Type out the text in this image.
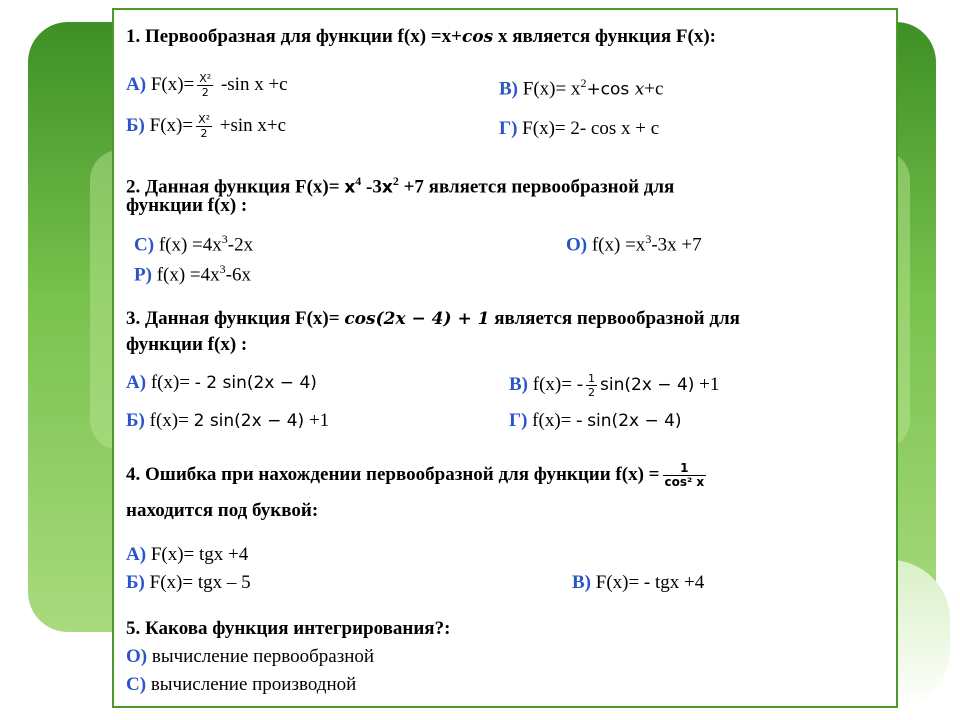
1. Первообразная для функции f(x) =x+cos x является функция F(x):
А) $F(x)= \frac{\text{X²}}{2} -\sin$ x +c	В) $F(x)= x^2+\cos$ x+c
Б) $F(x)= \frac{\text{X²}}{2} +\sin$ x+c	Г) F(x)= 2- cos x + c
2. Данная функция $F(x)= x^4$ $-3x^2 +7$ является первообразной для
функции f(x) :
С) $f(x) =4x^3-2x$	О) $f(x) =x^3-3x +7$
Р) $f(x) =4x^3-6x$
3. Данная функция F(x)= cos(2x − 4) + 1 является первообразной для
функции f(x) :
А) f(x)= - 2 sin(2x − 4)	В) $f(x)= - \frac{1}{2} \sin(2x - 4) +1$
Б) f(x)= 2 sin(2x − 4) +1	Г) f(x)= - sin(2x − 4)
4. Ошибка при нахождении первообразной для функции $f(x) = \frac{1}{\text{cos² x}}$
находится под буквой:
А) F(x)= tgx +4
Б) F(x)= tgx – 5	В) F(x)= - tgx +4
5. Какова функция интегрирования?:
О) вычисление первообразной
С) вычисление производной
